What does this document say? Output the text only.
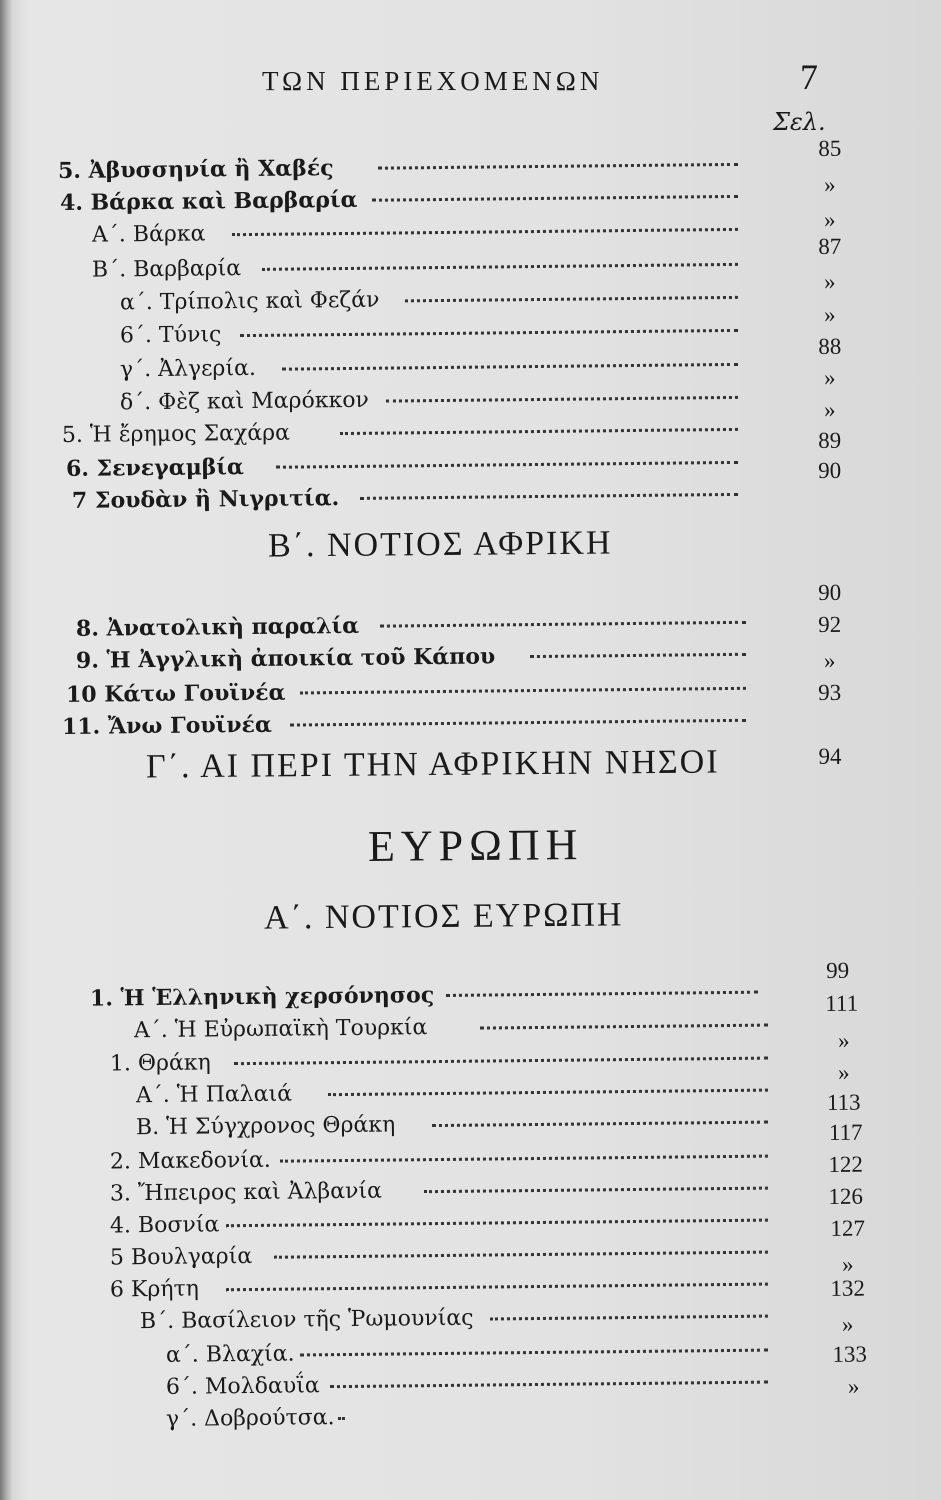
ΤΩΝ ΠΕΡΙΕΧΟΜΕΝΩΝ	7
Σελ.
5. Ἀβυσσηνία ἢ Χαβές
85
4. Βάρκα καὶ Βαρβαρία
»
Α΄. Βάρκα
»
Β΄. Βαρβαρία
87
α΄. Τρίπολις καὶ Φεζάν
»
6΄. Τύνις
»
γ΄. Ἀλγερία.
88
δ΄. Φὲζ καὶ Μαρόκκον
»
5. Ἡ ἔρημος Σαχάρα
»
6. Σενεγαμβία
89
7 Σουδὰν ἢ Νιγριτία.
90
Β΄. ΝΟΤΙΟΣ ΑΦΡΙΚΗ
8. Ἀνατολικὴ παραλία
90
9. Ἡ Ἀγγλικὴ ἀποικία τοῦ Κάπου
92
10 Κάτω Γουϊνέα
»
11. Ἄνω Γουϊνέα
93
Γ΄. ΑΙ ΠΕΡΙ ΤΗΝ ΑΦΡΙΚΗΝ ΝΗΣΟΙ	94
ΕΥΡΩΠΗ
Α΄. ΝΟΤΙΟΣ ΕΥΡΩΠΗ
1. Ἡ Ἑλληνικὴ χερσόνησος
99
Α΄. Ἡ Εὐρωπαϊκὴ Τουρκία
111
1. Θράκη
»
Α΄. Ἡ Παλαιά
»
Β. Ἡ Σύγχρονος Θράκη
113
2. Μακεδονία.
117
3. Ἤπειρος καὶ Ἀλβανία
122
4. Βοσνία
126
5 Βουλγαρία
127
6 Κρήτη
»
Β΄. Βασίλειον τῆς Ῥωμουνίας
132
α΄. Βλαχία.
»
6΄. Μολδαυΐα
133
γ΄. Δοβρούτσα.
»
